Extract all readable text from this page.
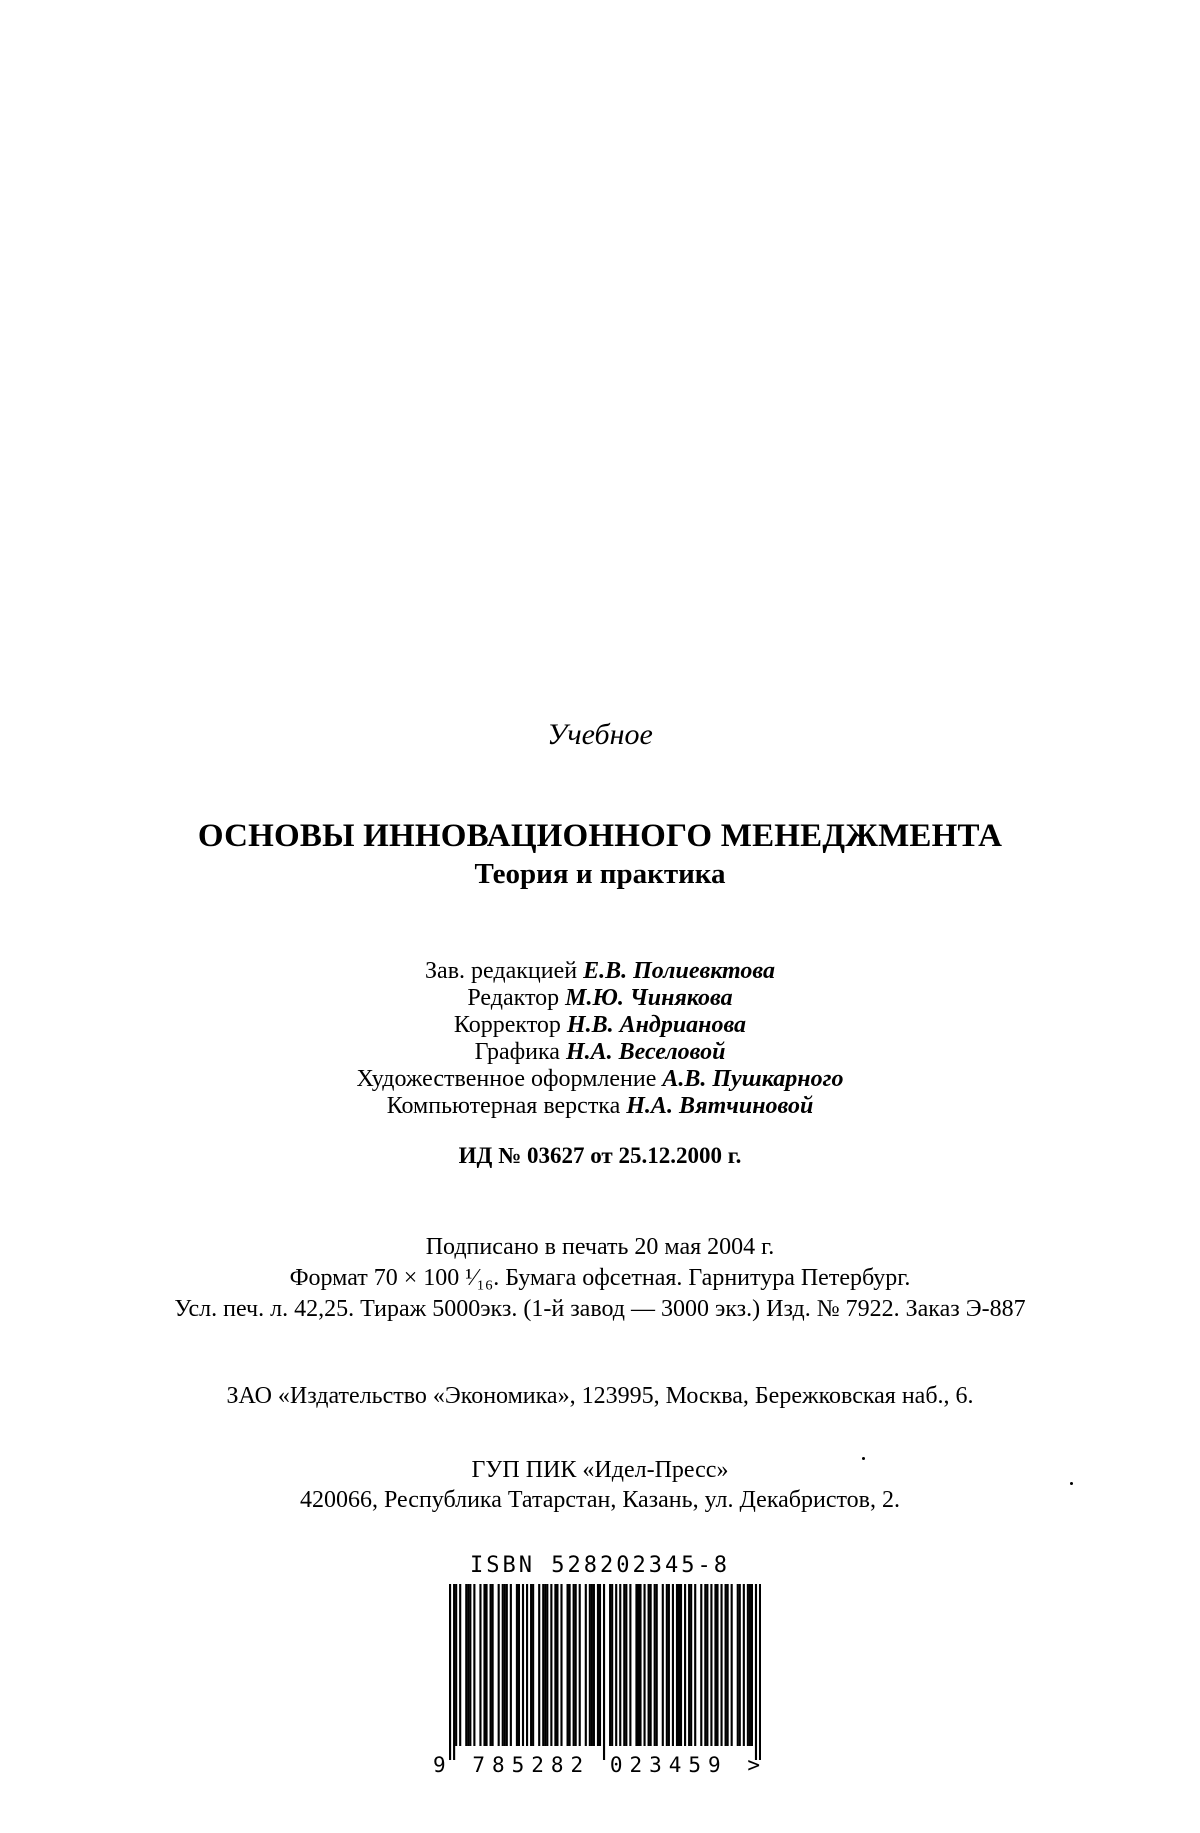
Учебное
ОСНОВЫ ИННОВАЦИОННОГО МЕНЕДЖМЕНТА
Теория и практика
Зав. редакцией Е.В. Полиевктова
Редактор М.Ю. Чинякова
Корректор Н.В. Андрианова
Графика Н.А. Веселовой
Художественное оформление А.В. Пушкарного
Компьютерная верстка Н.А. Вятчиновой
ИД № 03627 от 25.12.2000 г.
Подписано в печать 20 мая 2004 г.
Формат 70 × 100 ¹⁄₁₆. Бумага офсетная. Гарнитура Петербург.
Усл. печ. л. 42,25. Тираж 5000экз. (1-й завод — 3000 экз.) Изд. № 7922. Заказ Э-887
ЗАО «Издательство «Экономика», 123995, Москва, Бережковская наб., 6.
ГУП ПИК «Идел-Пресс»
420066, Республика Татарстан, Казань, ул. Декабристов, 2.
ISBN 528202345-8
9 785282 023459 >
